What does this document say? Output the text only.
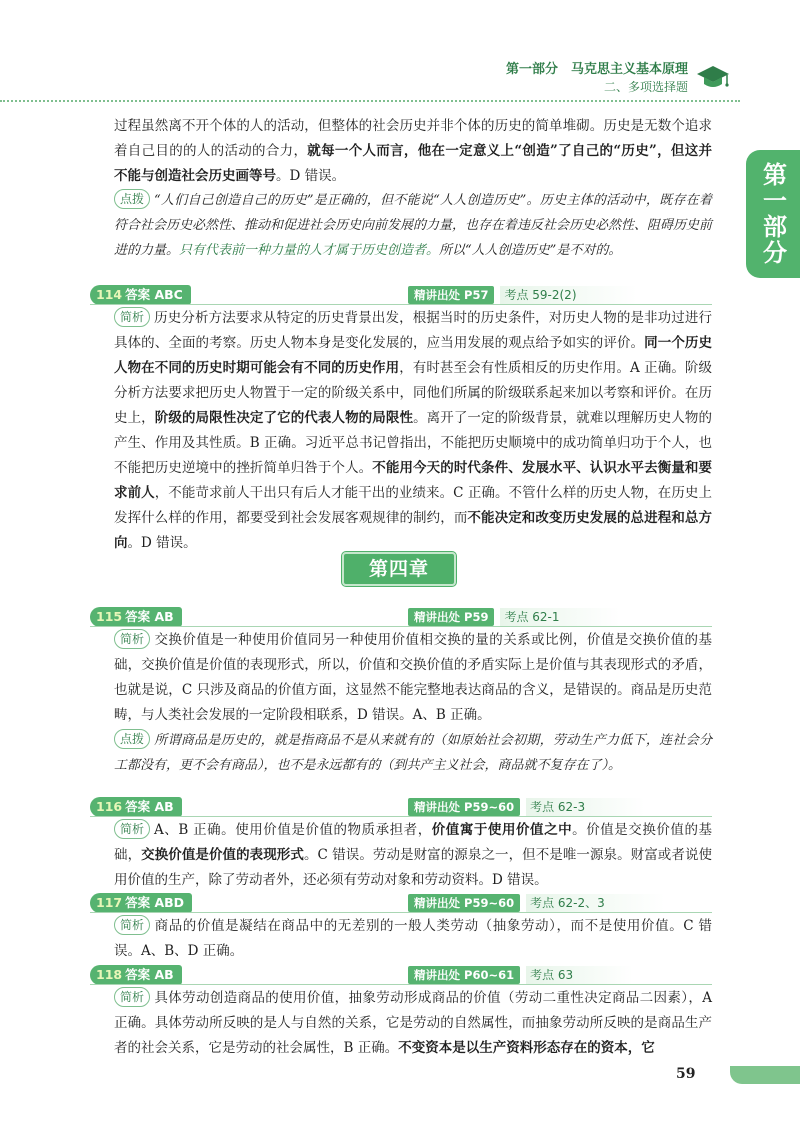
第一部分　马克思主义基本原理
二、多项选择题
第一部分
过程虽然离不开个体的人的活动，但整体的社会历史并非个体的历史的简单堆砌。历史是无数个追求着自己目的的人的活动的合力，就每一个人而言，他在一定意义上“创造”了自己的“历史”，但这并不能与创造社会历史画等号。D 错误。
点拨 “人们自己创造自己的历史”是正确的，但不能说“人人创造历史”。历史主体的活动中，既存在着符合社会历史必然性、推动和促进社会历史向前发展的力量，也存在着违反社会历史必然性、阻碍历史前进的力量。只有代表前一种力量的人才属于历史创造者。所以“人人创造历史”是不对的。
114 答案 ABC	精讲出处 P57	考点 59-2(2)
简析 历史分析方法要求从特定的历史背景出发，根据当时的历史条件，对历史人物的是非功过进行具体的、全面的考察。历史人物本身是变化发展的，应当用发展的观点给予如实的评价。同一个历史人物在不同的历史时期可能会有不同的历史作用，有时甚至会有性质相反的历史作用。A 正确。阶级分析方法要求把历史人物置于一定的阶级关系中，同他们所属的阶级联系起来加以考察和评价。在历史上，阶级的局限性决定了它的代表人物的局限性。离开了一定的阶级背景，就难以理解历史人物的产生、作用及其性质。B 正确。习近平总书记曾指出，不能把历史顺境中的成功简单归功于个人，也不能把历史逆境中的挫折简单归咎于个人。不能用今天的时代条件、发展水平、认识水平去衡量和要求前人，不能苛求前人干出只有后人才能干出的业绩来。C 正确。不管什么样的历史人物，在历史上发挥什么样的作用，都要受到社会发展客观规律的制约，而不能决定和改变历史发展的总进程和总方向。D 错误。
第四章
115 答案 AB	精讲出处 P59	考点 62-1
简析 交换价值是一种使用价值同另一种使用价值相交换的量的关系或比例，价值是交换价值的基础，交换价值是价值的表现形式，所以，价值和交换价值的矛盾实际上是价值与其表现形式的矛盾，也就是说，C 只涉及商品的价值方面，这显然不能完整地表达商品的含义，是错误的。商品是历史范畴，与人类社会发展的一定阶段相联系，D 错误。A、B 正确。
点拨 所谓商品是历史的，就是指商品不是从来就有的（如原始社会初期，劳动生产力低下，连社会分工都没有，更不会有商品），也不是永远都有的（到共产主义社会，商品就不复存在了）。
116 答案 AB	精讲出处 P59~60	考点 62-3
简析 A、B 正确。使用价值是价值的物质承担者，价值寓于使用价值之中。价值是交换价值的基础，交换价值是价值的表现形式。C 错误。劳动是财富的源泉之一，但不是唯一源泉。财富或者说使用价值的生产，除了劳动者外，还必须有劳动对象和劳动资料。D 错误。
117 答案 ABD	精讲出处 P59~60	考点 62-2、3
简析 商品的价值是凝结在商品中的无差别的一般人类劳动（抽象劳动），而不是使用价值。C 错误。A、B、D 正确。
118 答案 AB	精讲出处 P60~61	考点 63
简析 具体劳动创造商品的使用价值，抽象劳动形成商品的价值（劳动二重性决定商品二因素），A 正确。具体劳动所反映的是人与自然的关系，它是劳动的自然属性，而抽象劳动所反映的是商品生产者的社会关系，它是劳动的社会属性，B 正确。不变资本是以生产资料形态存在的资本，它
59
